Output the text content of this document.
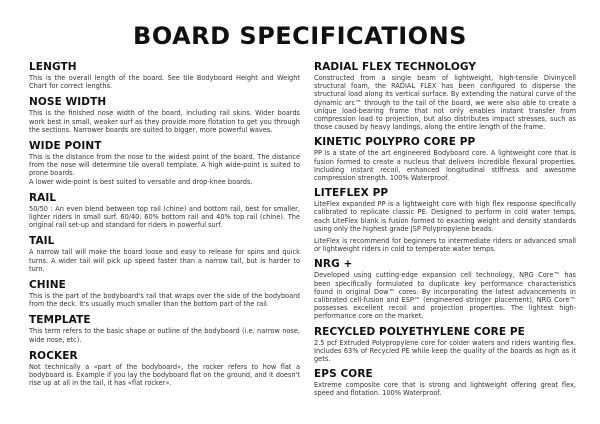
BOARD SPECIFICATIONS
LENGTH

This is the overall length of the board. See tile Bodyboard Height and Weight Chart for correct lengths.

NOSE WIDTH

This is the finished nose width of the board, including rail skins. Wider boards work best in small, weaker surf as they provide more flotation to get you through the sections. Narrower boards are suited to bigger, more powerful waves.

WIDE POINT

This is the distance from the nose to the widest point of the board. The distance from the nose will determine tile overall template. A high wide-point is suited to prone boards.

A lower wide-point is best suited to versatile and drop-knee boards.

RAIL

50/50 : An even blend between top rail (chine) and bottom rail, best for smaller, lighter riders in small surf. 60/40: 60% bottom rail and 40% top rail (chine). The original rail set-up and standard for riders in powerful surf.

TAIL

A narrow tail will make the board loose and easy to release for spins and quick turns. A wider tail will pick up speed faster than a narrow tail, but is harder to turn.

CHINE

This is the part of the bodyboard's rail that wraps over the side of the bodyboard from the deck. It's usually much smaller than the bottom part of the rail.

TEMPLATE

This term refers to the basic shape or outline of the bodyboard (i.e. narrow nose, wide nose, etc).

ROCKER

Not technically a «part of the bodyboard», the rocker refers to how flat a bodyboard is. Example if you lay the bodyboard flat on the ground, and it doesn't rise up at all in the tail, it has «flat rocker».

RADIAL FLEX TECHNOLOGY

Constructed from a single beam of lightweight, high-tensile Divinycell structural foam, the RADIAL FLEX has been configured to disperse the structural load along its vertical surface. By extending the natural curve of the dynamic arc™ through to the tail of the board, we were also able to create a unique load-bearing frame that not only enables instant transfer from compression load to projection, but also distributes impact stresses, such as those caused by heavy landings, along the entire length of the frame.

KINETIC POLYPRO CORE PP

PP is a state of the art engineered Bodyboard core. A lightweight core that is fusion formed to create a nucleus that delivers incredible flexural properties. Including instant recoil, enhanced longitudinal stiffness and awesome compression strength. 100% Waterproof.

LITEFLEX PP

LiteFlex expanded PP is a lightweight core with high flex response specifically calibrated to replicate classic PE. Designed to perform in cold water temps, each LiteFlex blank is fusion formed to exacting weight and density standards using only the highest grade JSP Polypropylene beads.

LiteFlex is recommend for beginners to intermediate riders or advanced small or lightweight riders in cold to temperate water temps.

NRG +

Developed using cutting-edge expansion cell technology, NRG Core™ has been specifically formulated to duplicate key performance characteristics found in original Dow™ cores. By incorporating the latest advancements in calibrated cell-fusion and ESP™ (engineered stringer placement), NRG Core™ possesses excellent recoil and projection properties. The lightest high-performance core on the market.

RECYCLED POLYETHYLENE CORE PE

2.5 pcf Extruded Polypropylene core for colder waters and riders wanting flex. Includes 63% of Recycled PE while keep the quality of the boards as high as it gets.

EPS CORE

Extreme composite core that is strong and lightweight offering great flex, speed and flotation. 100% Waterproof.
